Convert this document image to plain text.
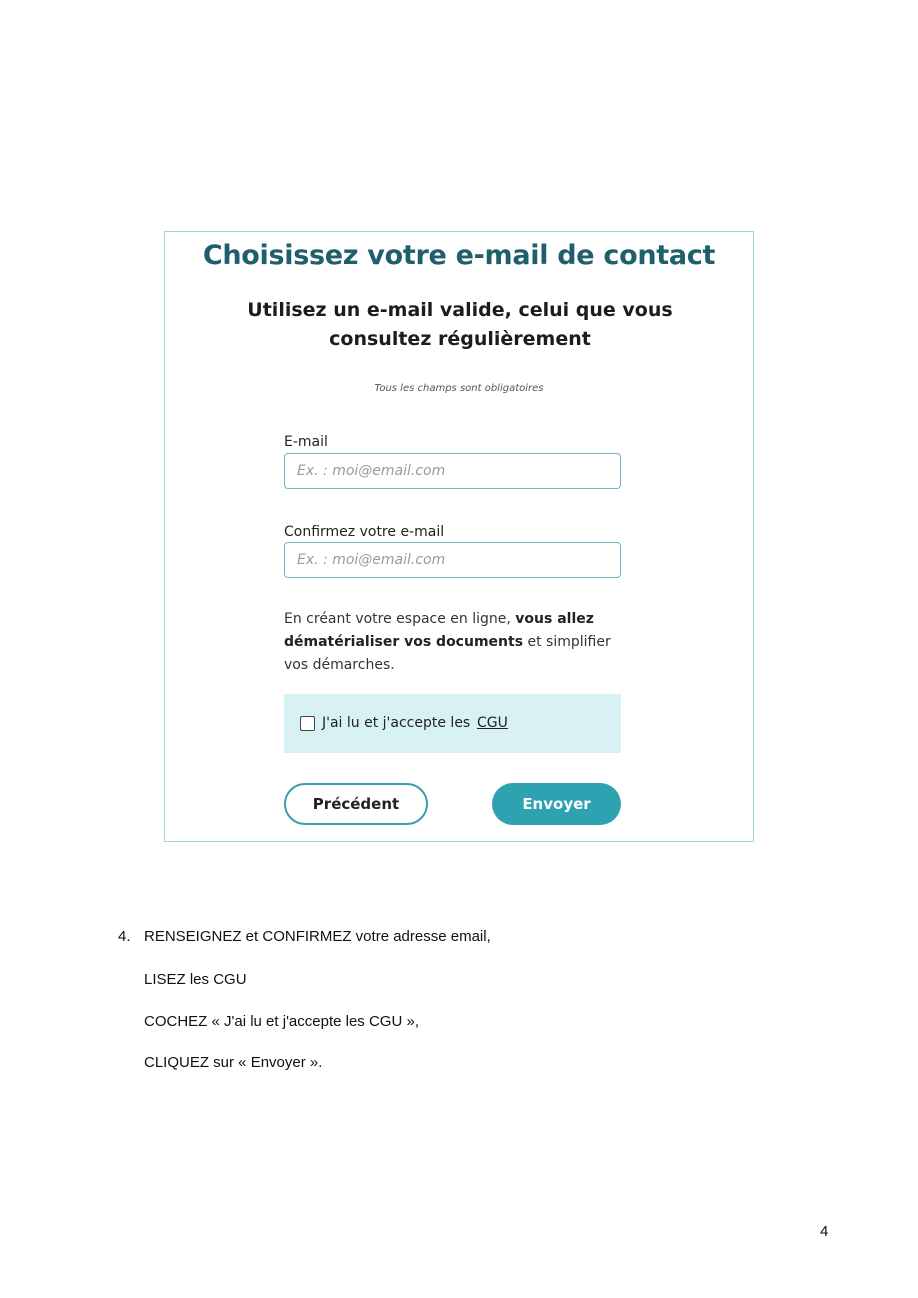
Choisissez votre e-mail de contact
Utilisez un e-mail valide, celui que vous consultez régulièrement
Tous les champs sont obligatoires
E-mail
Ex. : moi@email.com
Confirmez votre e-mail
Ex. : moi@email.com
En créant votre espace en ligne, vous allez dématérialiser vos documents et simplifier vos démarches.
J'ai lu et j'accepte les CGU
Précédent	Envoyer
4. RENSEIGNEZ et CONFIRMEZ votre adresse email,
LISEZ les CGU
COCHEZ « J'ai lu et j'accepte les CGU »,
CLIQUEZ sur « Envoyer ».
4
